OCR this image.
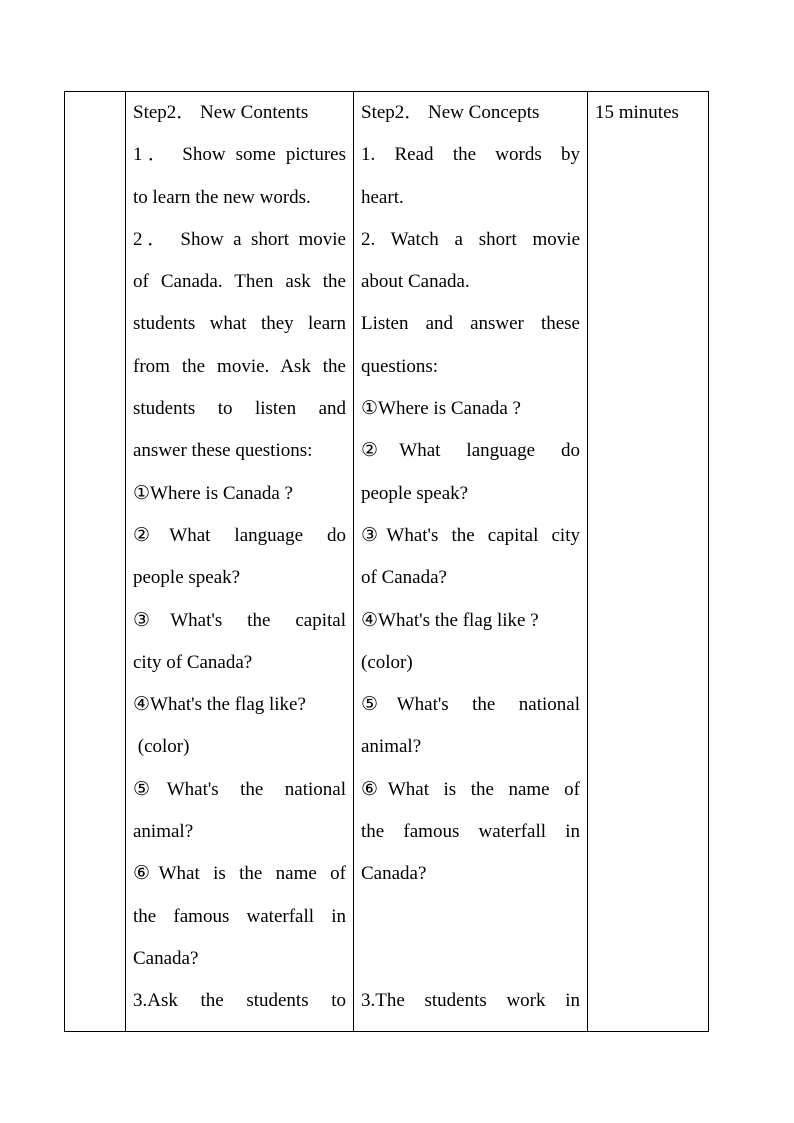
Step2． New Contents
1． Show some pictures
to learn the new words.
2． Show a short movie
of Canada. Then ask the
students what they learn
from the movie. Ask the
students to listen and
answer these questions:
①Where is Canada ?
②What language do
people speak?
③What's the capital
city of Canada?
④What's the flag like?
(color)
⑤What's the national
animal?
⑥What is the name of
the famous waterfall in
Canada?
3.Ask the students to

Step2． New Concepts
1. Read the words by
heart.
2. Watch a short movie
about Canada.
Listen and answer these
questions:
①Where is Canada ?
②What language do
people speak?
③What's the capital city
of Canada?
④What's the flag like ?
(color)
⑤What's the national
animal?
⑥What is the name of
the famous waterfall in
Canada?
3.The students work in

15 minutes
